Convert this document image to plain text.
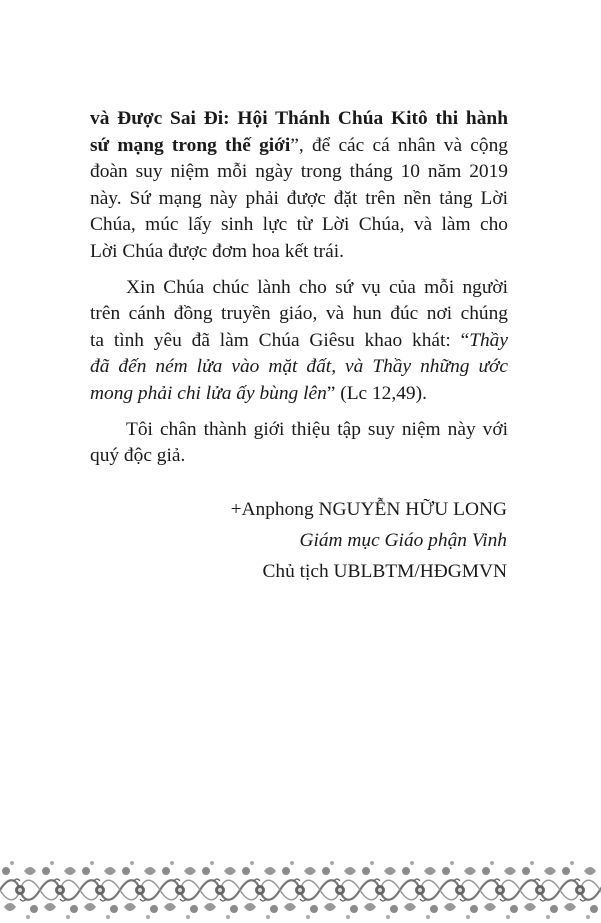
và Được Sai Đi: Hội Thánh Chúa Kitô thi hành
sứ mạng trong thế giới”, để các cá nhân và cộng
đoàn suy niệm mỗi ngày trong tháng 10 năm 2019
này. Sứ mạng này phải được đặt trên nền tảng Lời
Chúa, múc lấy sinh lực từ Lời Chúa, và làm cho
Lời Chúa được đơm hoa kết trái.
Xin Chúa chúc lành cho sứ vụ của mỗi người
trên cánh đồng truyền giáo, và hun đúc nơi chúng
ta tình yêu đã làm Chúa Giêsu khao khát: “Thầy
đã đến ném lửa vào mặt đất, và Thầy những ước
mong phải chi lửa ấy bùng lên” (Lc 12,49).
Tôi chân thành giới thiệu tập suy niệm này với
quý độc giả.
+Anphong NGUYỄN HỮU LONG
Giám mục Giáo phận Vinh
Chủ tịch UBLBTM/HĐGMVN
